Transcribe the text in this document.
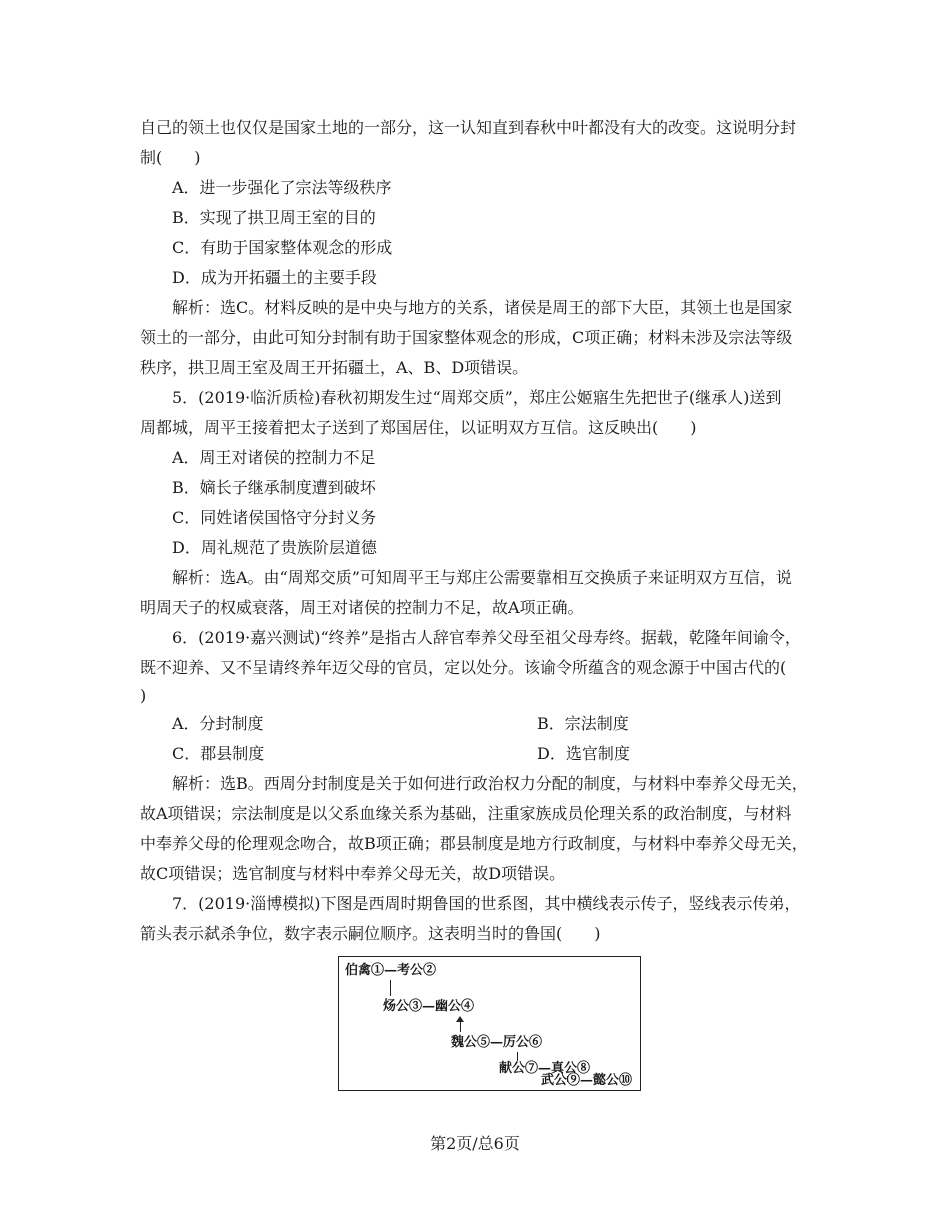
自己的领土也仅仅是国家土地的一部分，这一认知直到春秋中叶都没有大的改变。这说明分封
制(　　)
A．进一步强化了宗法等级秩序
B．实现了拱卫周王室的目的
C．有助于国家整体观念的形成
D．成为开拓疆土的主要手段
解析：选C。材料反映的是中央与地方的关系，诸侯是周王的部下大臣，其领土也是国家
领土的一部分，由此可知分封制有助于国家整体观念的形成，C项正确；材料未涉及宗法等级
秩序，拱卫周王室及周王开拓疆土，A、B、D项错误。
5．(2019·临沂质检)春秋初期发生过“周郑交质”，郑庄公姬寤生先把世子(继承人)送到
周都城，周平王接着把太子送到了郑国居住，以证明双方互信。这反映出(　　)
A．周王对诸侯的控制力不足
B．嫡长子继承制度遭到破坏
C．同姓诸侯国恪守分封义务
D．周礼规范了贵族阶层道德
解析：选A。由“周郑交质”可知周平王与郑庄公需要靠相互交换质子来证明双方互信，说
明周天子的权威衰落，周王对诸侯的控制力不足，故A项正确。
6．(2019·嘉兴测试)“终养”是指古人辞官奉养父母至祖父母寿终。据载，乾隆年间谕令，
既不迎养、又不呈请终养年迈父母的官员，定以处分。该谕令所蕴含的观念源于中国古代的(
)
A．分封制度	B．宗法制度
C．郡县制度	D．选官制度
解析：选B。西周分封制度是关于如何进行政治权力分配的制度，与材料中奉养父母无关，
故A项错误；宗法制度是以父系血缘关系为基础，注重家族成员伦理关系的政治制度，与材料
中奉养父母的伦理观念吻合，故B项正确；郡县制度是地方行政制度，与材料中奉养父母无关，
故C项错误；选官制度与材料中奉养父母无关，故D项错误。
7．(2019·淄博模拟)下图是西周时期鲁国的世系图，其中横线表示传子，竖线表示传弟，
箭头表示弑杀争位，数字表示嗣位顺序。这表明当时的鲁国(　　)
伯禽①—考公②
炀公③—幽公④
魏公⑤—厉公⑥
献公⑦—真公⑧
武公⑨—懿公⑩
第2页/总6页
